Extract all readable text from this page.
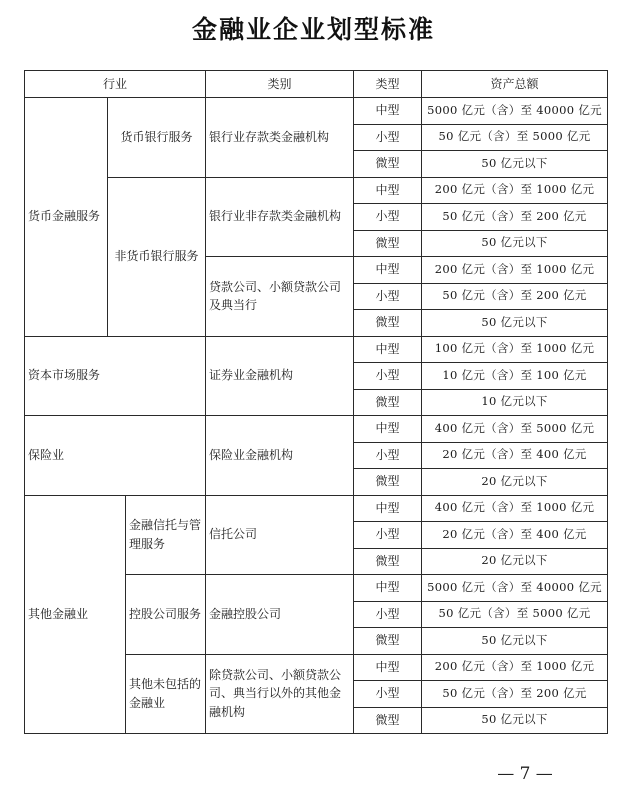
金融业企业划型标准
行业			类别	类型	资产总额
货币金融服务	货币银行服务		银行业存款类金融机构	中型	5000 亿元（含）至 40000 亿元
				小型	50 亿元（含）至 5000 亿元
				微型	50 亿元以下
	非货币银行服务		银行业非存款类金融机构	中型	200 亿元（含）至 1000 亿元
				小型	50 亿元（含）至 200 亿元
				微型	50 亿元以下
			贷款公司、小额贷款公司及典当行	中型	200 亿元（含）至 1000 亿元
				小型	50 亿元（含）至 200 亿元
				微型	50 亿元以下
资本市场服务			证券业金融机构	中型	100 亿元（含）至 1000 亿元
				小型	10 亿元（含）至 100 亿元
				微型	10 亿元以下
保险业			保险业金融机构	中型	400 亿元（含）至 5000 亿元
				小型	20 亿元（含）至 400 亿元
				微型	20 亿元以下
其他金融业		金融信托与管理服务	信托公司	中型	400 亿元（含）至 1000 亿元
				小型	20 亿元（含）至 400 亿元
				微型	20 亿元以下
		控股公司服务	金融控股公司	中型	5000 亿元（含）至 40000 亿元
				小型	50 亿元（含）至 5000 亿元
				微型	50 亿元以下
		其他未包括的金融业	除贷款公司、小额贷款公司、典当行以外的其他金融机构	中型	200 亿元（含）至 1000 亿元
				小型	50 亿元（含）至 200 亿元
				微型	50 亿元以下
— 7 —
